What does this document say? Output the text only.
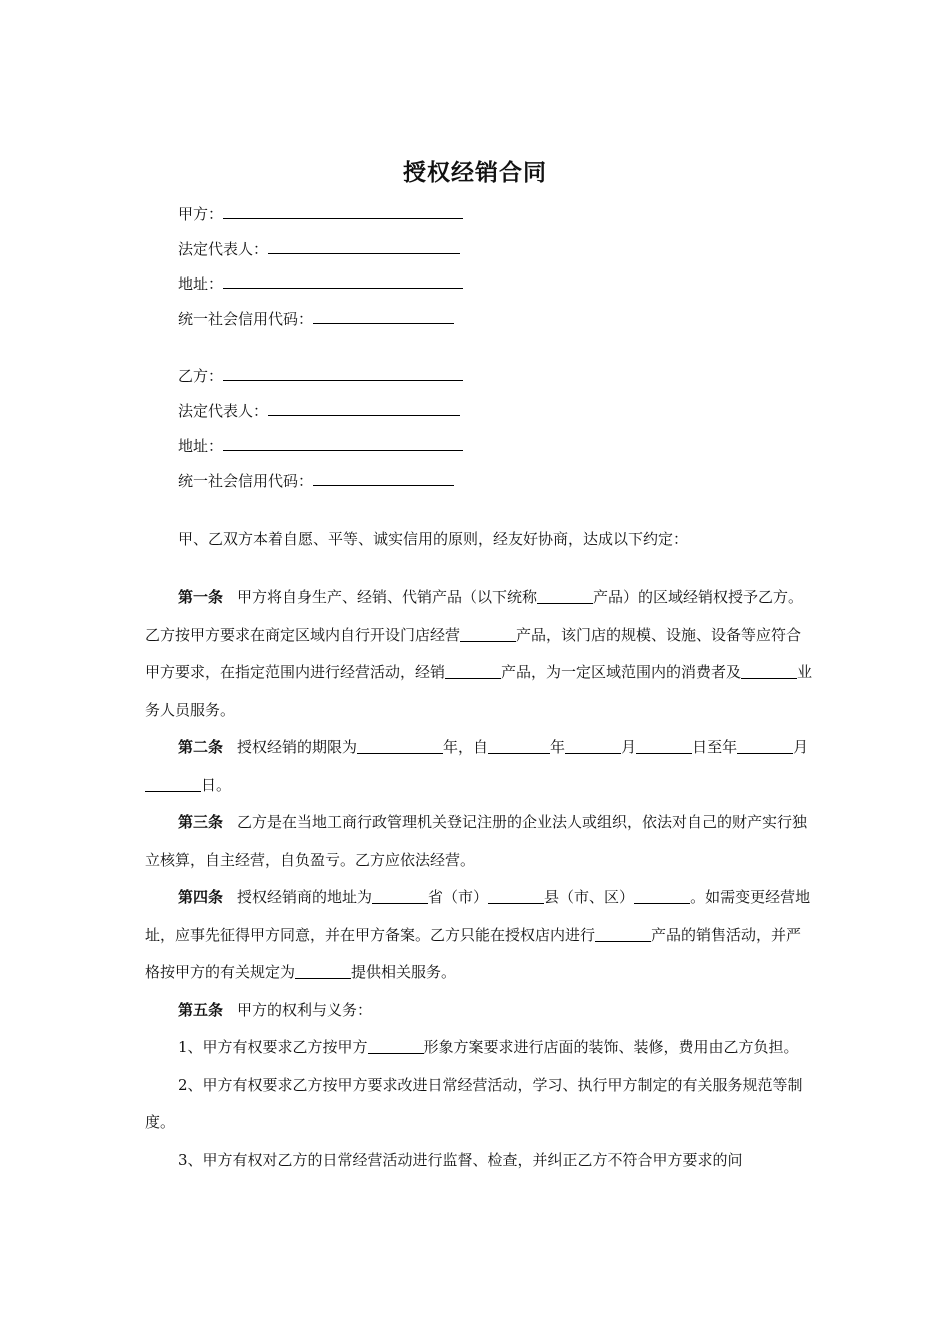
授权经销合同
甲方：
法定代表人：
地址：
统一社会信用代码：
乙方：
法定代表人：
地址：
统一社会信用代码：
甲、乙双方本着自愿、平等、诚实信用的原则，经友好协商，达成以下约定：

第一条 甲方将自身生产、经销、代销产品（以下统称	产品）的区域经销权授予乙方。乙方按甲方要求在商定区域内自行开设门店经营	产品，该门店的规模、设施、设备等应符合甲方要求，在指定范围内进行经营活动，经销	产品，为一定区域范围内的消费者及	业务人员服务。

第二条 授权经销的期限为	年，自	年	月	日至年	月日。

第三条 乙方是在当地工商行政管理机关登记注册的企业法人或组织，依法对自己的财产实行独立核算，自主经营，自负盈亏。乙方应依法经营。

第四条 授权经销商的地址为	省（市）	县（市、区）	。如需变更经营地址，应事先征得甲方同意，并在甲方备案。乙方只能在授权店内进行	产品的销售活动，并严格按甲方的有关规定为	提供相关服务。

第五条 甲方的权利与义务：

1、甲方有权要求乙方按甲方	形象方案要求进行店面的装饰、装修，费用由乙方负担。

2、甲方有权要求乙方按甲方要求改进日常经营活动，学习、执行甲方制定的有关服务规范等制度。

3、甲方有权对乙方的日常经营活动进行监督、检查，并纠正乙方不符合甲方要求的问
